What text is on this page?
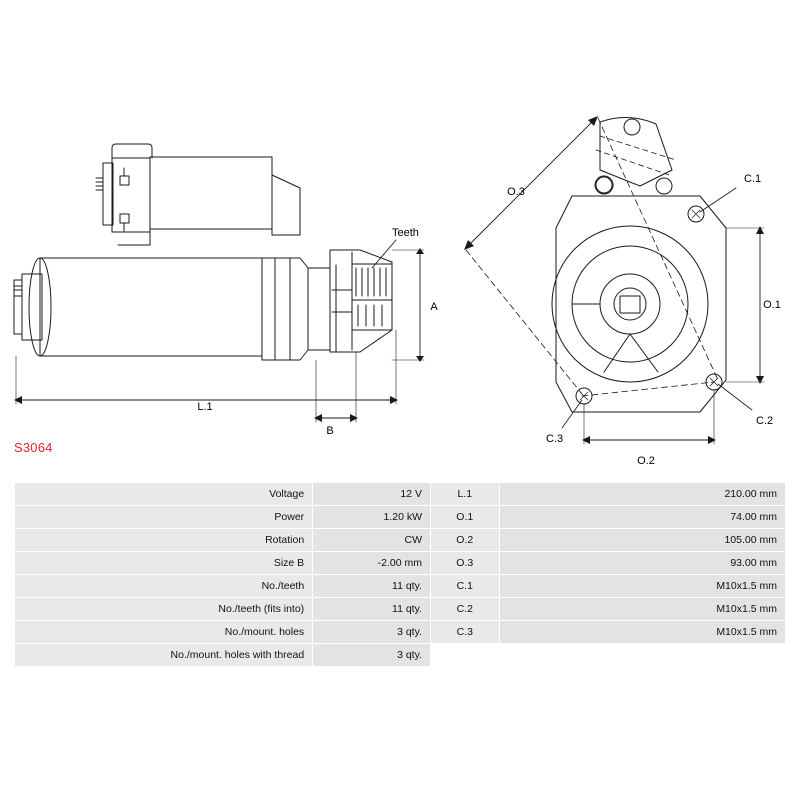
Teeth
A
L.1
B
O.3
O.1
O.2
C.1
C.2
C.3
S3064
Voltage	12 V	L.1	210.00 mm
Power	1.20 kW	O.1	74.00 mm
Rotation	CW	O.2	105.00 mm
Size B	-2.00 mm	O.3	93.00 mm
No./teeth	11 qty.	C.1	M10x1.5 mm
No./teeth (fits into)	11 qty.	C.2	M10x1.5 mm
No./mount. holes	3 qty.	C.3	M10x1.5 mm
No./mount. holes with thread	3 qty.		
